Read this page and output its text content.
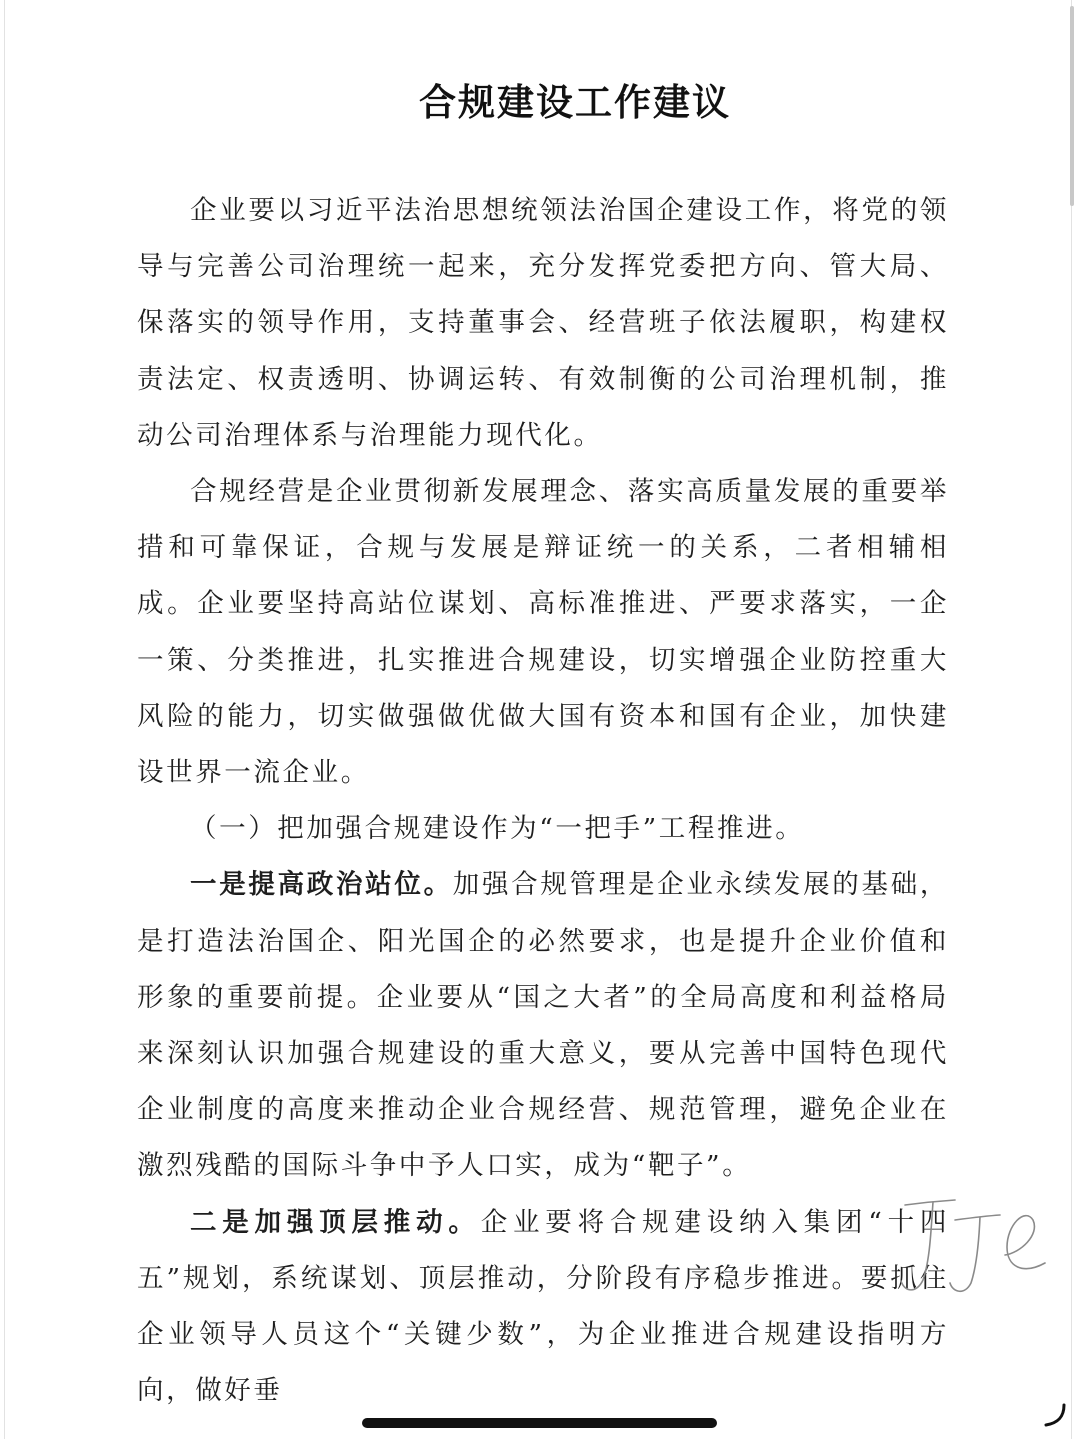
合规建设工作建议

企业要以习近平法治思想统领法治国企建设工作，将党的领导与完善公司治理统一起来，充分发挥党委把方向、管大局、保落实的领导作用，支持董事会、经营班子依法履职，构建权责法定、权责透明、协调运转、有效制衡的公司治理机制，推动公司治理体系与治理能力现代化。

合规经营是企业贯彻新发展理念、落实高质量发展的重要举措和可靠保证，合规与发展是辩证统一的关系，二者相辅相成。企业要坚持高站位谋划、高标准推进、严要求落实，一企一策、分类推进，扎实推进合规建设，切实增强企业防控重大风险的能力，切实做强做优做大国有资本和国有企业，加快建设世界一流企业。

（一）把加强合规建设作为“一把手”工程推进。

一是提高政治站位。加强合规管理是企业永续发展的基础，是打造法治国企、阳光国企的必然要求，也是提升企业价值和形象的重要前提。企业要从“国之大者”的全局高度和利益格局来深刻认识加强合规建设的重大意义，要从完善中国特色现代企业制度的高度来推动企业合规经营、规范管理，避免企业在激烈残酷的国际斗争中予人口实，成为“靶子”。

二是加强顶层推动。企业要将合规建设纳入集团“十四五”规划，系统谋划、顶层推动，分阶段有序稳步推进。要抓住企业领导人员这个“关键少数”，为企业推进合规建设指明方向，做好垂
